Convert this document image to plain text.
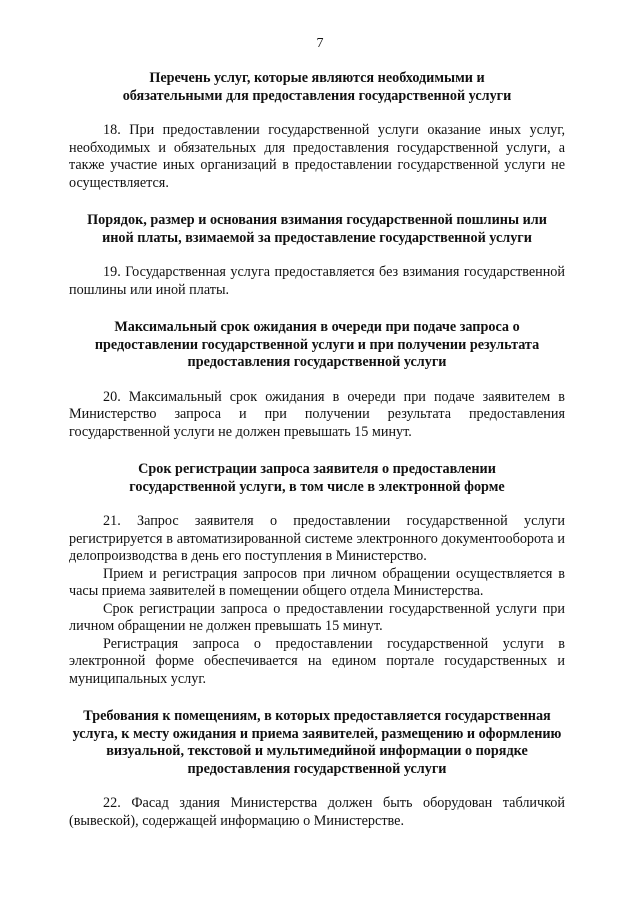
7

Перечень услуг, которые являются необходимыми и обязательными для предоставления государственной услуги

18. При предоставлении государственной услуги оказание иных услуг, необходимых и обязательных для предоставления государственной услуги, а также участие иных организаций в предоставлении государственной услуги не осуществляется.

Порядок, размер и основания взимания государственной пошлины или иной платы, взимаемой за предоставление государственной услуги

19. Государственная услуга предоставляется без взимания государственной пошлины или иной платы.

Максимальный срок ожидания в очереди при подаче запроса о предоставлении государственной услуги и при получении результата предоставления государственной услуги

20. Максимальный срок ожидания в очереди при подаче заявителем в Министерство запроса и при получении результата предоставления государственной услуги не должен превышать 15 минут.

Срок регистрации запроса заявителя о предоставлении государственной услуги, в том числе в электронной форме

21. Запрос заявителя о предоставлении государственной услуги регистрируется в автоматизированной системе электронного документооборота и делопроизводства в день его поступления в Министерство.

Прием и регистрация запросов при личном обращении осуществляется в часы приема заявителей в помещении общего отдела Министерства.

Срок регистрации запроса о предоставлении государственной услуги при личном обращении не должен превышать 15 минут.

Регистрация запроса о предоставлении государственной услуги в электронной форме обеспечивается на едином портале государственных и муниципальных услуг.

Требования к помещениям, в которых предоставляется государственная услуга, к месту ожидания и приема заявителей, размещению и оформлению визуальной, текстовой и мультимедийной информации о порядке предоставления государственной услуги

22. Фасад здания Министерства должен быть оборудован табличкой (вывеской), содержащей информацию о Министерстве.
